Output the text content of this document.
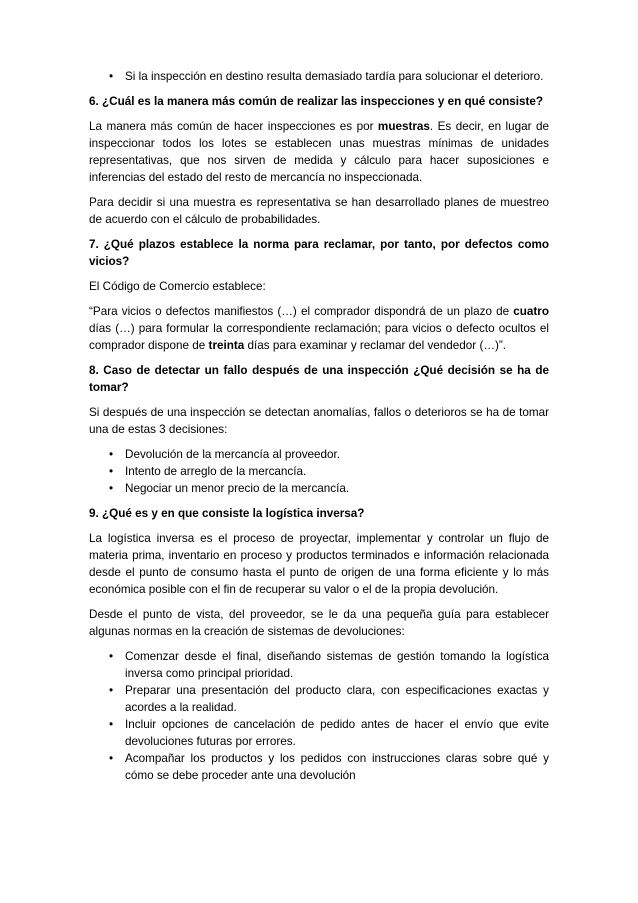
• Si la inspección en destino resulta demasiado tardía para solucionar el deterioro.

6. ¿Cuál es la manera más común de realizar las inspecciones y en qué consiste?

La manera más común de hacer inspecciones es por muestras. Es decir, en lugar de inspeccionar todos los lotes se establecen unas muestras mínimas de unidades representativas, que nos sirven de medida y cálculo para hacer suposiciones e inferencias del estado del resto de mercancía no inspeccionada.

Para decidir si una muestra es representativa se han desarrollado planes de muestreo de acuerdo con el cálculo de probabilidades.

7. ¿Qué plazos establece la norma para reclamar, por tanto, por defectos como vicios?

El Código de Comercio establece:

“Para vicios o defectos manifiestos (…) el comprador dispondrá de un plazo de cuatro días (…) para formular la correspondiente reclamación; para vicios o defecto ocultos el comprador dispone de treinta días para examinar y reclamar del vendedor (…)”.

8. Caso de detectar un fallo después de una inspección ¿Qué decisión se ha de tomar?

Si después de una inspección se detectan anomalías, fallos o deterioros se ha de tomar una de estas 3 decisiones:

• Devolución de la mercancía al proveedor.
• Intento de arreglo de la mercancía.
• Negociar un menor precio de la mercancía.

9. ¿Qué es y en que consiste la logística inversa?

La logística inversa es el proceso de proyectar, implementar y controlar un flujo de materia prima, inventario en proceso y productos terminados e información relacionada desde el punto de consumo hasta el punto de origen de una forma eficiente y lo más económica posible con el fin de recuperar su valor o el de la propia devolución.

Desde el punto de vista, del proveedor, se le da una pequeña guía para establecer algunas normas en la creación de sistemas de devoluciones:

• Comenzar desde el final, diseñando sistemas de gestión tomando la logística inversa como principal prioridad.
• Preparar una presentación del producto clara, con especificaciones exactas y acordes a la realidad.
• Incluir opciones de cancelación de pedido antes de hacer el envío que evite devoluciones futuras por errores.
• Acompañar los productos y los pedidos con instrucciones claras sobre qué y cómo se debe proceder ante una devolución
